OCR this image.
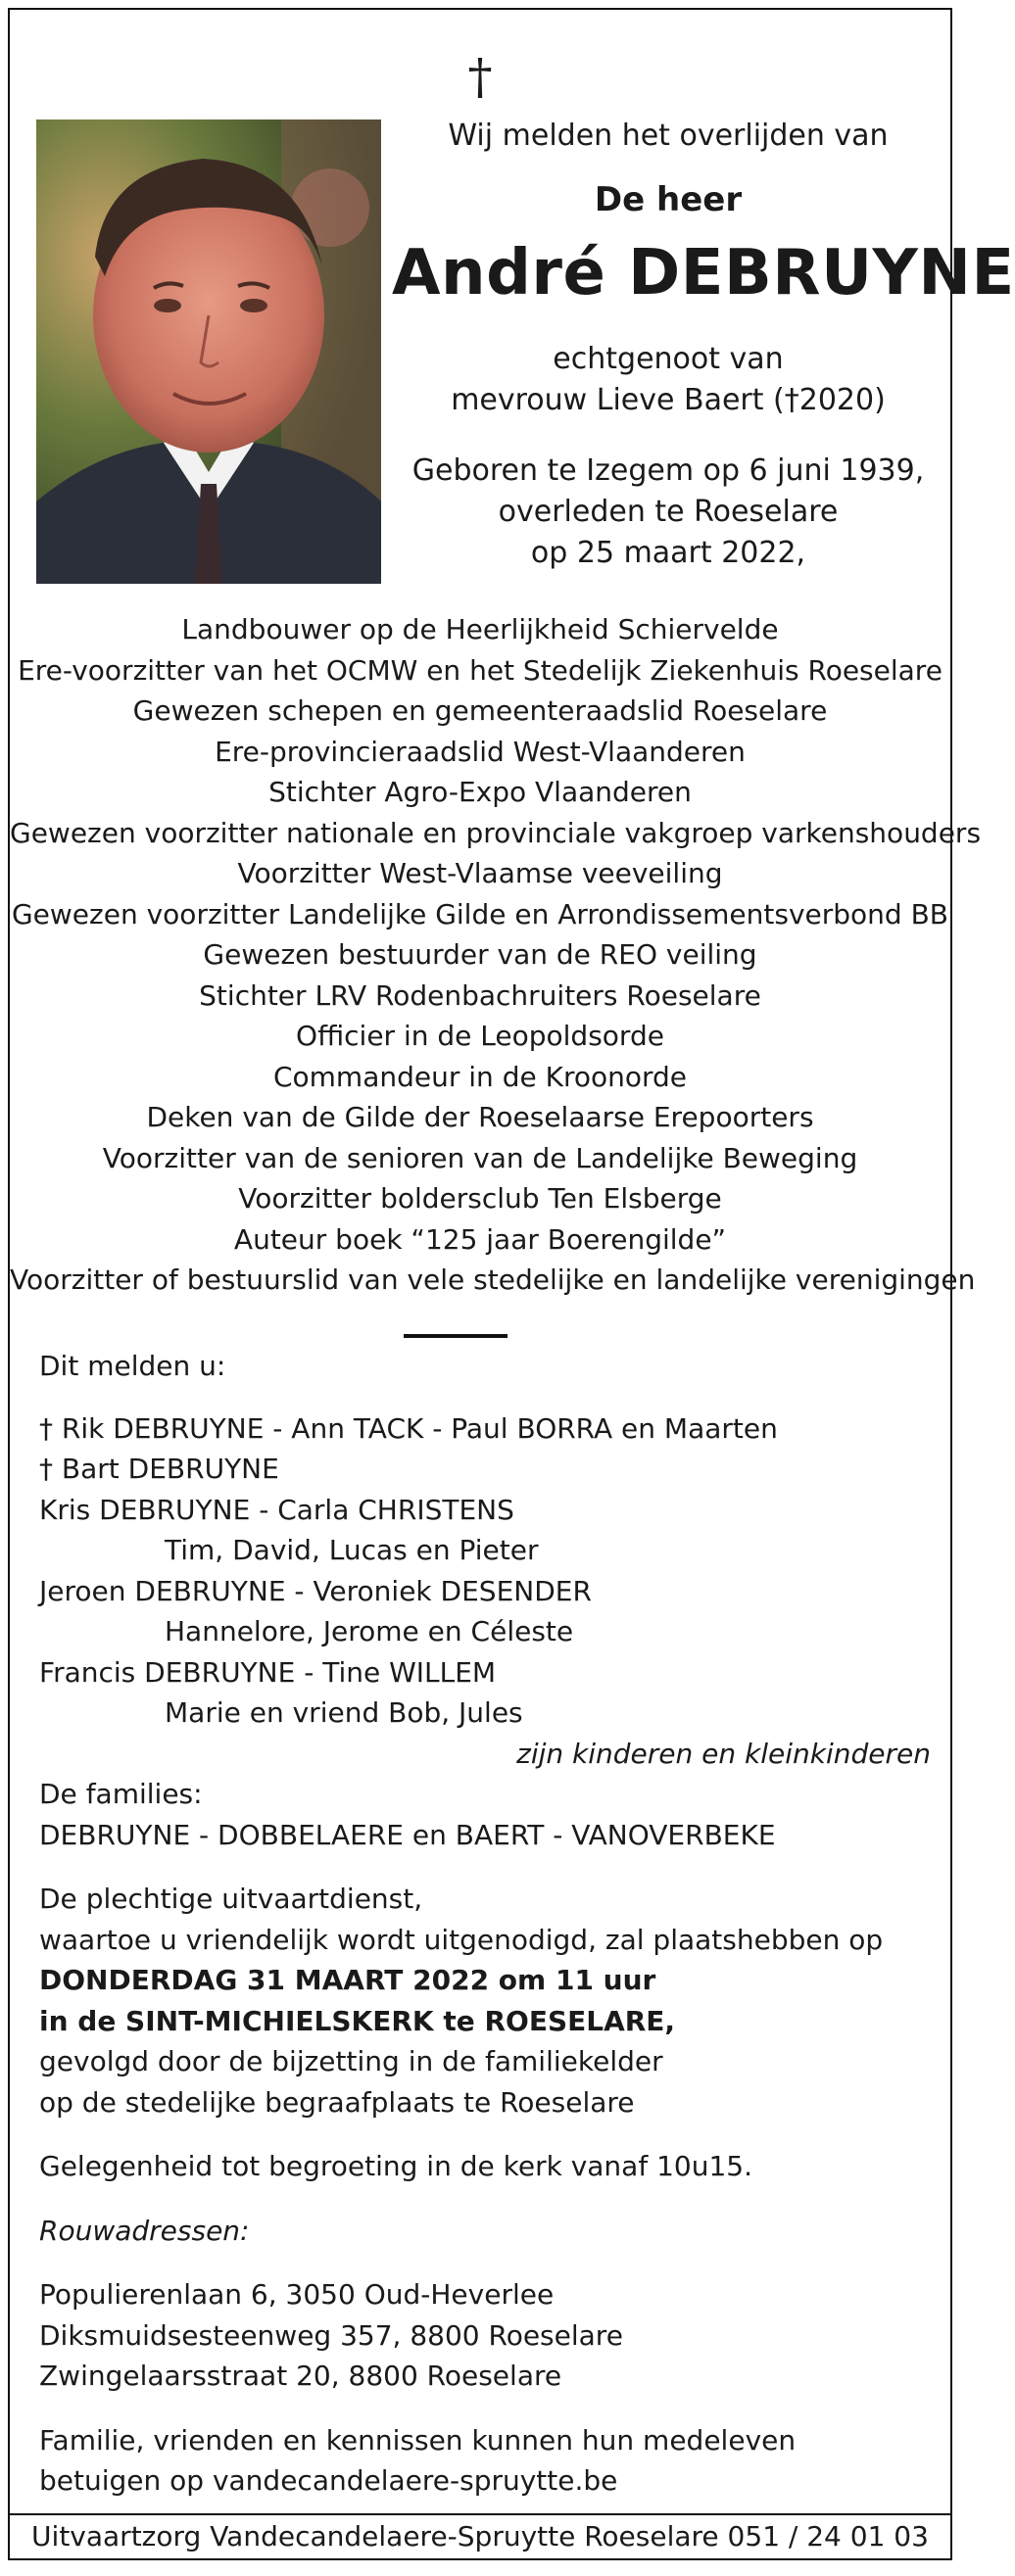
†
Wij melden het overlijden van
De heer
André DEBRUYNE
echtgenoot van
mevrouw Lieve Baert (†2020)
Geboren te Izegem op 6 juni 1939,
overleden te Roeselare
op 25 maart 2022,
Landbouwer op de Heerlijkheid Schiervelde
Ere-voorzitter van het OCMW en het Stedelijk Ziekenhuis Roeselare
Gewezen schepen en gemeenteraadslid Roeselare
Ere-provincieraadslid West-Vlaanderen
Stichter Agro-Expo Vlaanderen
Gewezen voorzitter nationale en provinciale vakgroep varkenshouders
Voorzitter West-Vlaamse veeveiling
Gewezen voorzitter Landelijke Gilde en Arrondissementsverbond BB
Gewezen bestuurder van de REO veiling
Stichter LRV Rodenbachruiters Roeselare
Officier in de Leopoldsorde
Commandeur in de Kroonorde
Deken van de Gilde der Roeselaarse Erepoorters
Voorzitter van de senioren van de Landelijke Beweging
Voorzitter boldersclub Ten Elsberge
Auteur boek “125 jaar Boerengilde”
Voorzitter of bestuurslid van vele stedelijke en landelijke verenigingen

Dit melden u:

† Rik DEBRUYNE - Ann TACK - Paul BORRA en Maarten

† Bart DEBRUYNE

Kris DEBRUYNE - Carla CHRISTENS

Tim, David, Lucas en Pieter

Jeroen DEBRUYNE - Veroniek DESENDER

Hannelore, Jerome en Céleste

Francis DEBRUYNE - Tine WILLEM

Marie en vriend Bob, Jules

zijn kinderen en kleinkinderen

De families:

DEBRUYNE - DOBBELAERE en BAERT - VANOVERBEKE

De plechtige uitvaartdienst,

waartoe u vriendelijk wordt uitgenodigd, zal plaatshebben op

DONDERDAG 31 MAART 2022 om 11 uur

in de SINT-MICHIELSKERK te ROESELARE,

gevolgd door de bijzetting in de familiekelder

op de stedelijke begraafplaats te Roeselare

Gelegenheid tot begroeting in de kerk vanaf 10u15.

Rouwadressen:

Populierenlaan 6, 3050 Oud-Heverlee

Diksmuidsesteenweg 357, 8800 Roeselare

Zwingelaarsstraat 20, 8800 Roeselare

Familie, vrienden en kennissen kunnen hun medeleven

betuigen op vandecandelaere-spruytte.be

Uitvaartzorg Vandecandelaere-Spruytte Roeselare 051 / 24 01 03
